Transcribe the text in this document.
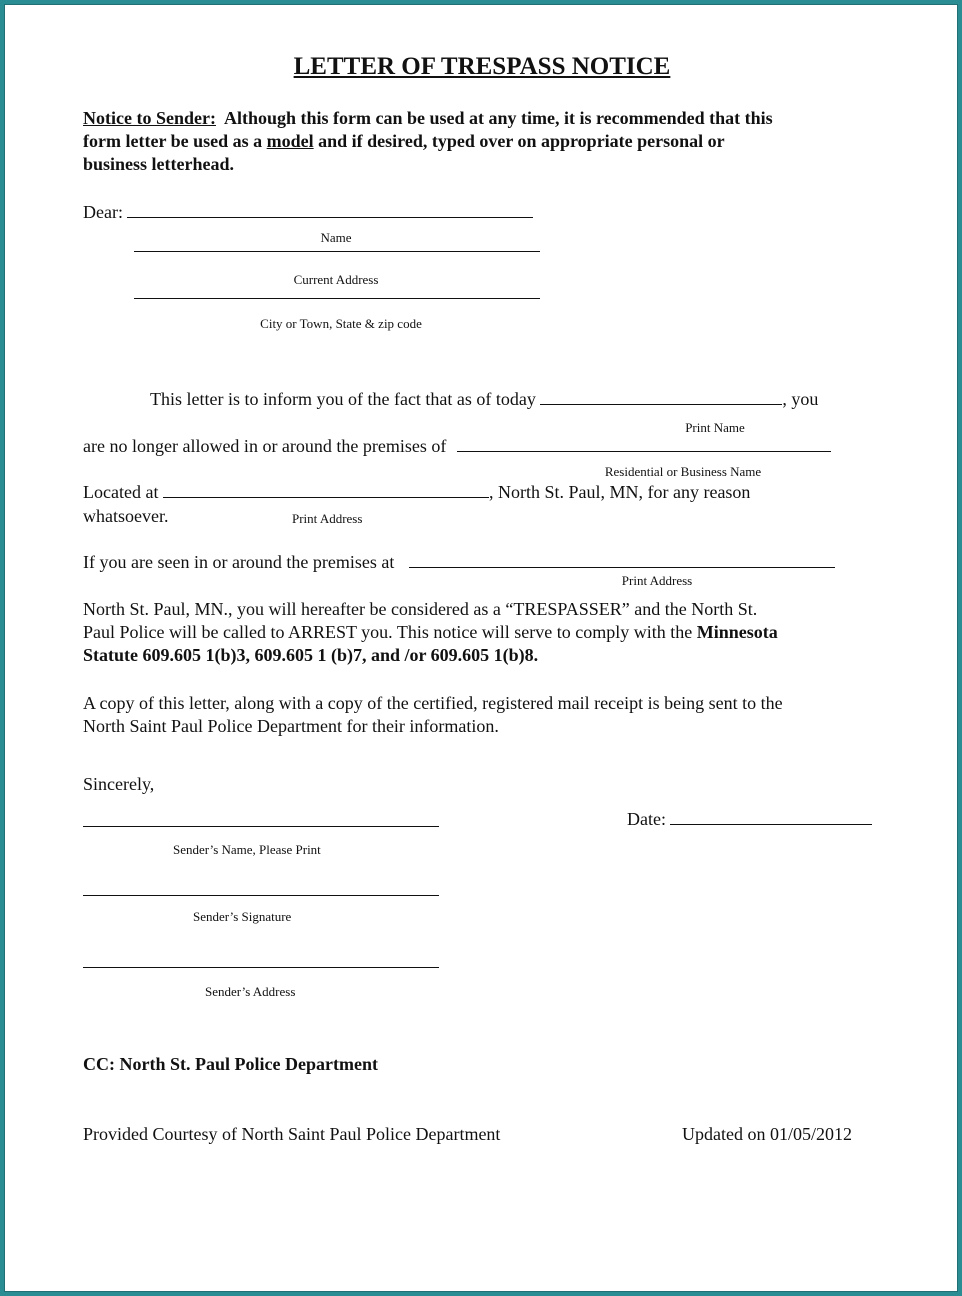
LETTER OF TRESPASS NOTICE
Notice to Sender: Although this form can be used at any time, it is recommended that this
form letter be used as a model and if desired, typed over on appropriate personal or
business letterhead.
Dear:
Name
Current Address
City or Town, State & zip code
This letter is to inform you of the fact that as of today	, you
Print Name
are no longer allowed in or around the premises of
Residential or Business Name
Located at	, North St. Paul, MN, for any reason
whatsoever.	Print Address
If you are seen in or around the premises at
Print Address
North St. Paul, MN., you will hereafter be considered as a “TRESPASSER” and the North St.
Paul Police will be called to ARREST you. This notice will serve to comply with the Minnesota
Statute 609.605 1(b)3, 609.605 1 (b)7, and /or 609.605 1(b)8.
A copy of this letter, along with a copy of the certified, registered mail receipt is being sent to the
North Saint Paul Police Department for their information.
Sincerely,
Date:
Sender’s Name, Please Print
Sender’s Signature
Sender’s Address
CC: North St. Paul Police Department
Provided Courtesy of North Saint Paul Police Department	Updated on 01/05/2012
